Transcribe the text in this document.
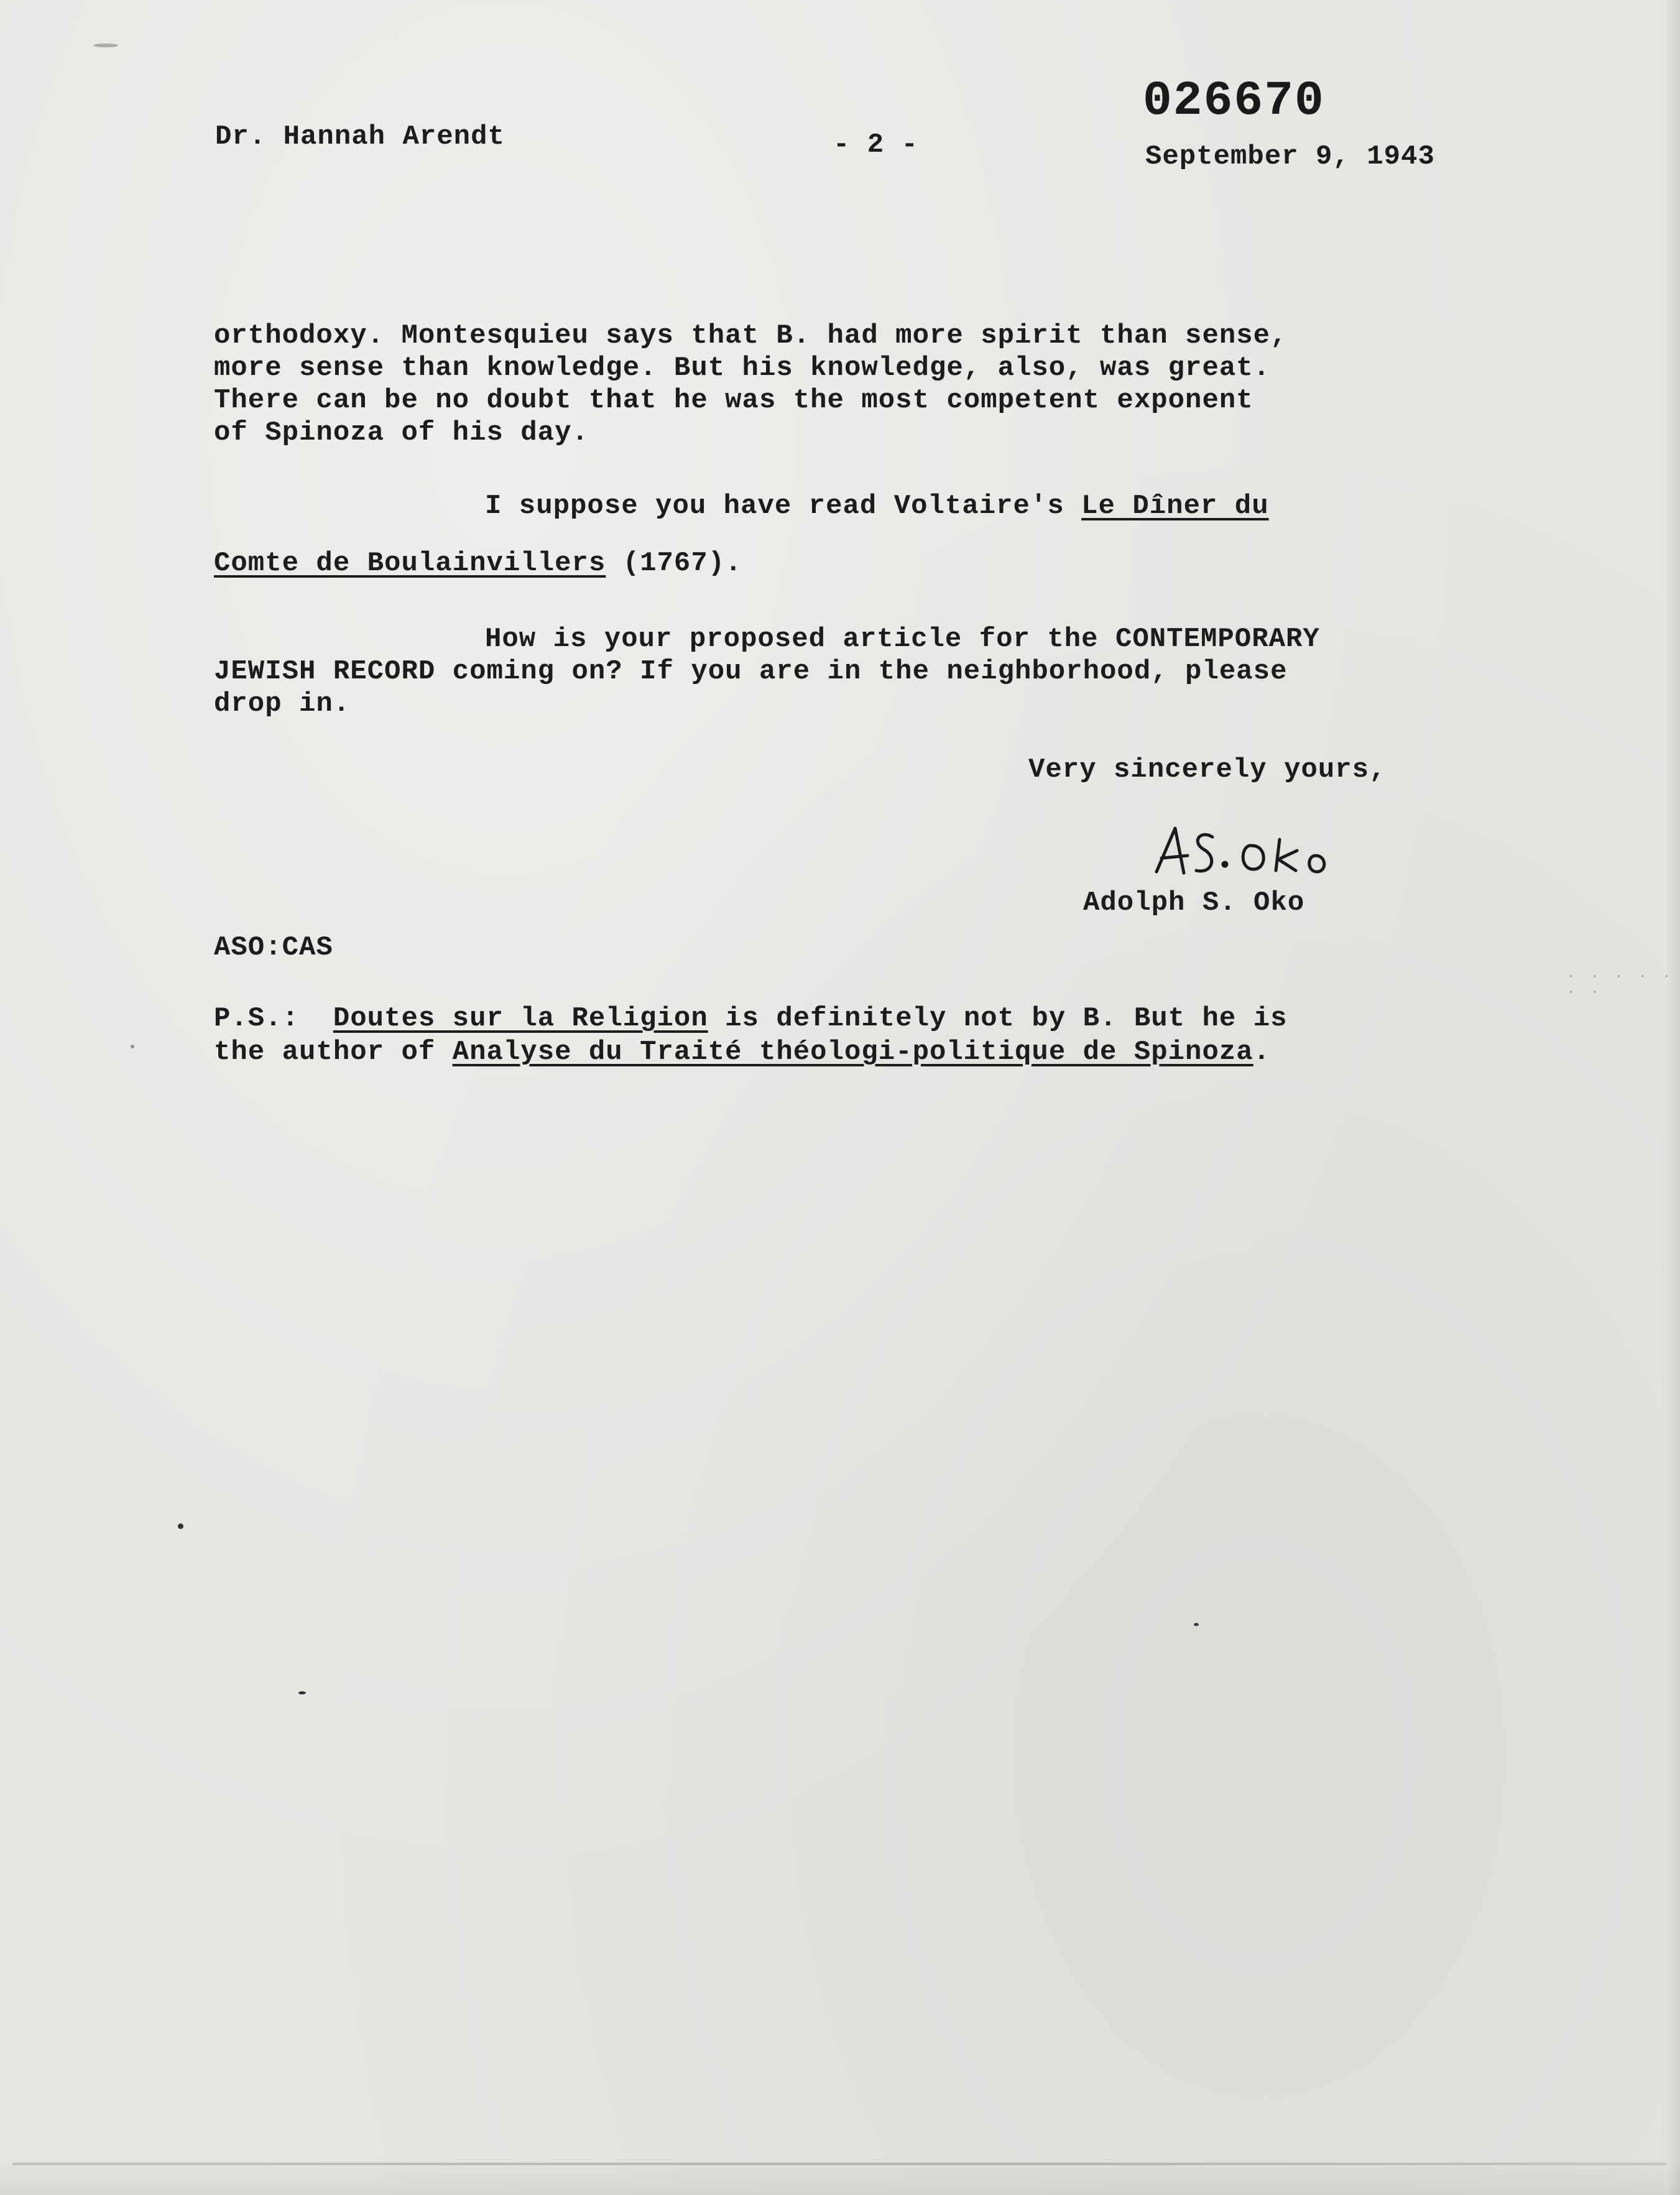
Dr. Hannah Arendt	- 2 -
026670
September 9, 1943
orthodoxy. Montesquieu says that B. had more spirit than sense,
more sense than knowledge. But his knowledge, also, was great.
There can be no doubt that he was the most competent exponent
of Spinoza of his day.
I suppose you have read Voltaire's Le Dîner du
Comte de Boulainvillers (1767).
How is your proposed article for the CONTEMPORARY
JEWISH RECORD coming on? If you are in the neighborhood, please
drop in.
Very sincerely yours,
Adolph S. Oko
ASO:CAS
P.S.: Doutes sur la Religion is definitely not by B. But he is
the author of Analyse du Traité théologi-politique de Spinoza.
· · · · · · ·
